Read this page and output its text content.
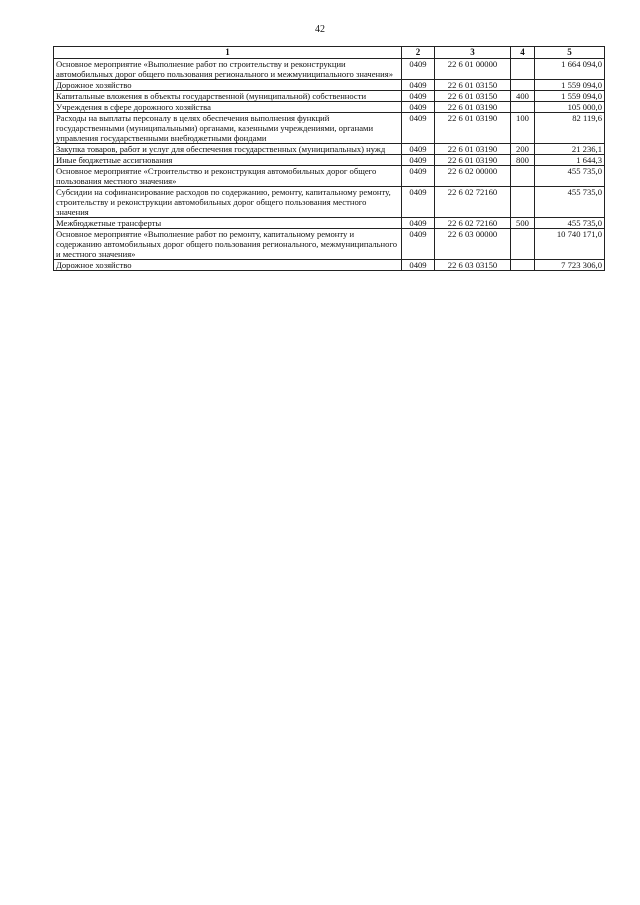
42
1	2	3	4	5
Основное мероприятие «Выполнение работ по строительству и реконструкции автомобильных дорог общего пользования регионального и межмуниципального значения»	0409	22 6 01 00000		1 664 094,0
Дорожное хозяйство	0409	22 6 01 03150		1 559 094,0
Капитальные вложения в объекты государственной (муниципальной) собственности	0409	22 6 01 03150	400	1 559 094,0
Учреждения в сфере дорожного хозяйства	0409	22 6 01 03190		105 000,0
Расходы на выплаты персоналу в целях обеспечения выполнения функций государственными (муниципальными) органами, казенными учреждениями, органами управления государственными внебюджетными фондами	0409	22 6 01 03190	100	82 119,6
Закупка товаров, работ и услуг для обеспечения государственных (муниципальных) нужд	0409	22 6 01 03190	200	21 236,1
Иные бюджетные ассигнования	0409	22 6 01 03190	800	1 644,3
Основное мероприятие «Строительство и реконструкция автомобильных дорог общего пользования местного значения»	0409	22 6 02 00000		455 735,0
Субсидии на софинансирование расходов по содержанию, ремонту, капитальному ремонту, строительству и реконструкции автомобильных дорог общего пользования местного значения	0409	22 6 02 72160		455 735,0
Межбюджетные трансферты	0409	22 6 02 72160	500	455 735,0
Основное мероприятие «Выполнение работ по ремонту, капитальному ремонту и содержанию автомобильных дорог общего пользования регионального, межмуниципального и местного значения»	0409	22 6 03 00000		10 740 171,0
Дорожное хозяйство	0409	22 6 03 03150		7 723 306,0
